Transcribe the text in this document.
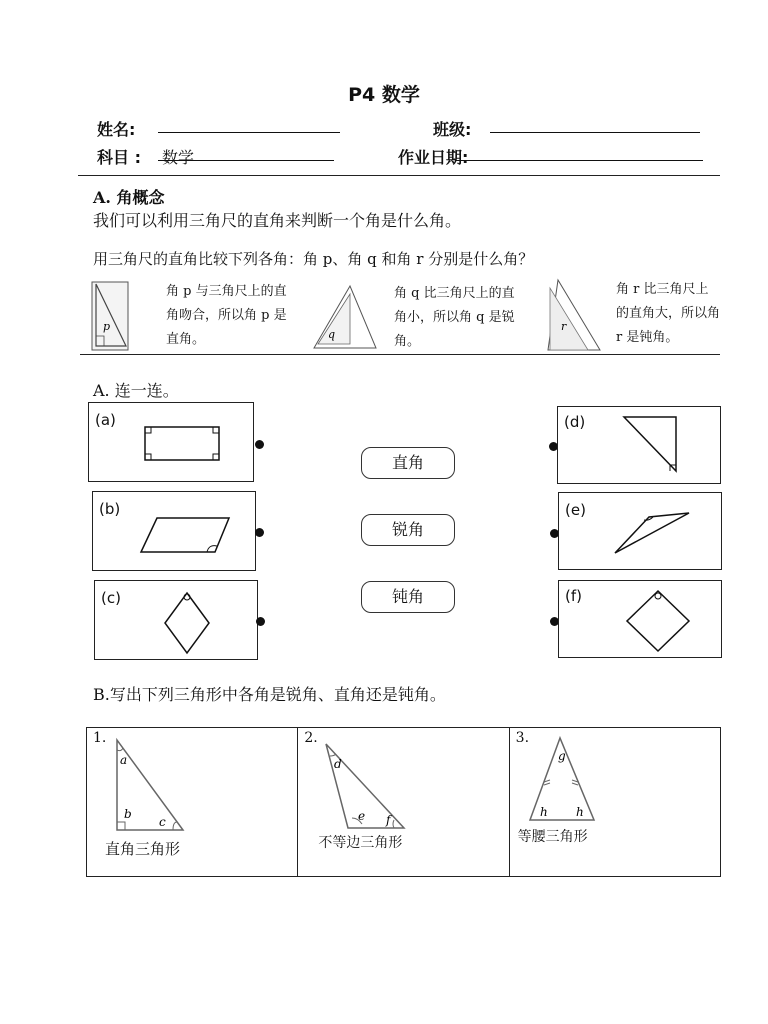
P4 数学
姓名:	班级:
科目 : 数学	作业日期:
A. 角概念
我们可以利用三角尺的直角来判断一个角是什么角。
用三角尺的直角比较下列各角：角 p、角 q 和角 r 分别是什么角？
p
q
r
角 p 与三角尺上的直角吻合，所以角 p 是直角。
角 q 比三角尺上的直角小，所以角 q 是锐角。
角 r 比三角尺上的直角大，所以角 r 是钝角。
A. 连一连。
(a)
(b)
(c)
直角
锐角
钝角
(d)
(e)
(f)
B.写出下列三角形中各角是锐角、直角还是钝角。
1.
a
b
c
直角三角形

2.
d
e f
不等边三角形

3.
g
h h
等腰三角形
